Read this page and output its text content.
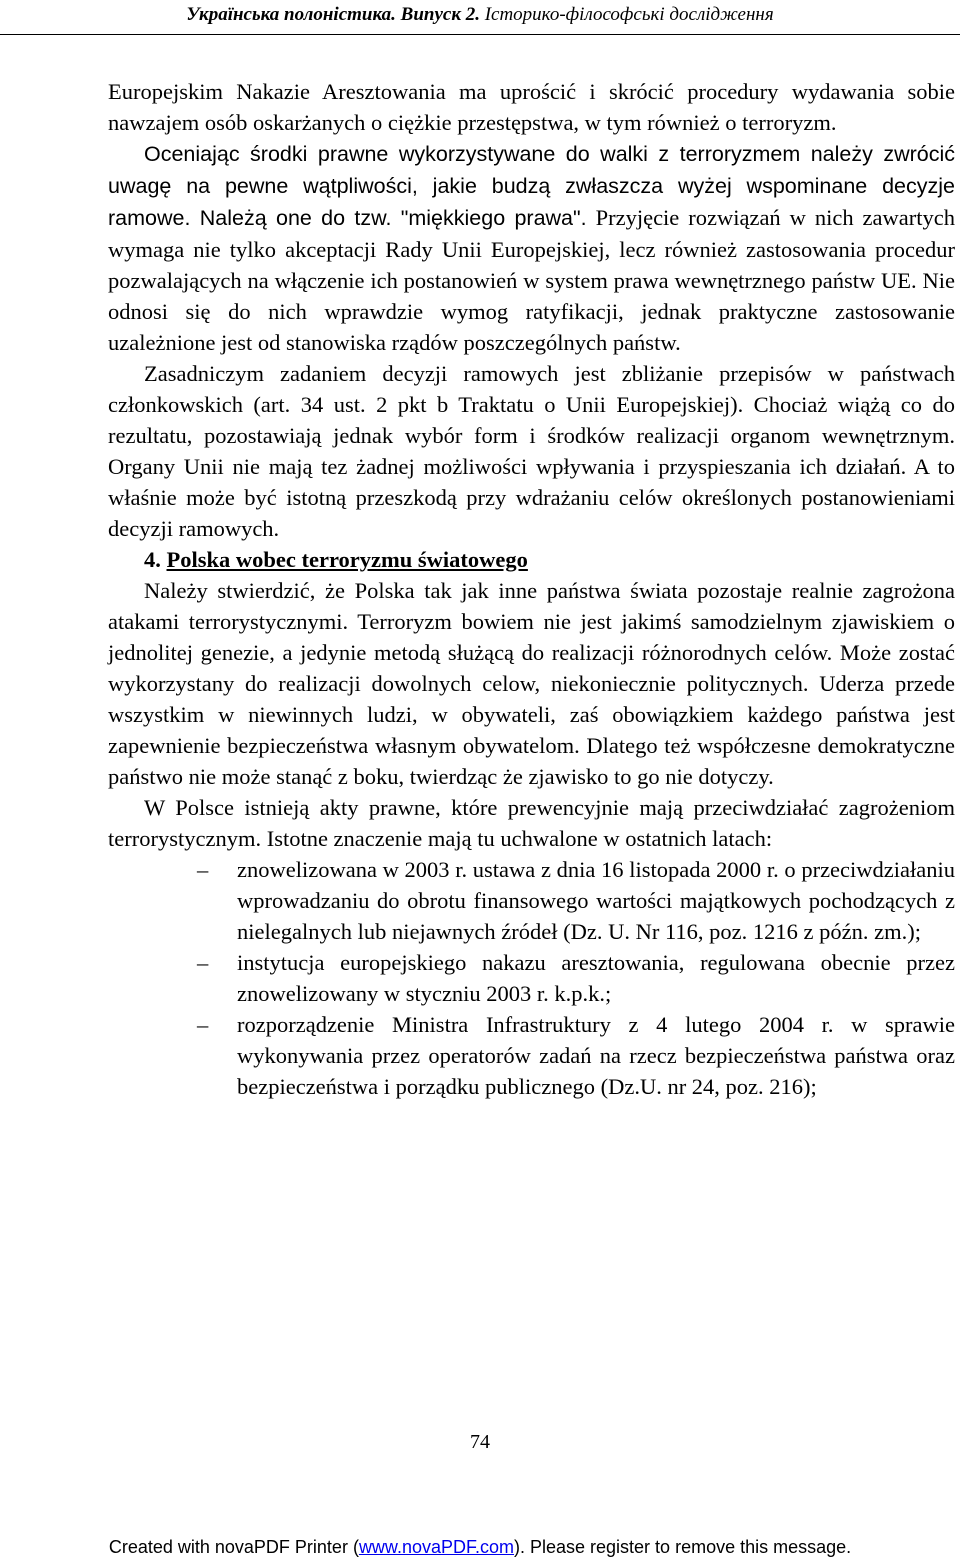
Українська полоністика. Випуск 2. Історико-філософські дослідження

Europejskim Nakazie Aresztowania ma uprościć i skrócić procedury wydawania sobie nawzajem osób oskarżanych o ciężkie przestępstwa, w tym również o terroryzm.

Oceniając środki prawne wykorzystywane do walki z terroryzmem należy zwrócić uwagę na pewne wątpliwości, jakie budzą zwłaszcza wyżej wspominane decyzje ramowe. Należą one do tzw. "miękkiego prawa". Przyjęcie rozwiązań w nich zawartych wymaga nie tylko akceptacji Rady Unii Europejskiej, lecz również zastosowania procedur pozwalających na włączenie ich postanowień w system prawa wewnętrznego państw UE. Nie odnosi się do nich wprawdzie wymog ratyfikacji, jednak praktyczne zastosowanie uzależnione jest od stanowiska rządów poszczególnych państw.

Zasadniczym zadaniem decyzji ramowych jest zbliżanie przepisów w państwach członkowskich (art. 34 ust. 2 pkt b Traktatu o Unii Europejskiej). Chociaż wiążą co do rezultatu, pozostawiają jednak wybór form i środków realizacji organom wewnętrznym. Organy Unii nie mają tez żadnej możliwości wpływania i przyspieszania ich działań. A to właśnie może być istotną przeszkodą przy wdrażaniu celów określonych postanowieniami decyzji ramowych.

4. Polska wobec terroryzmu światowego

Należy stwierdzić, że Polska tak jak inne państwa świata pozostaje realnie zagrożona atakami terrorystycznymi. Terroryzm bowiem nie jest jakimś samodzielnym zjawiskiem o jednolitej genezie, a jedynie metodą służącą do realizacji różnorodnych celów. Może zostać wykorzystany do realizacji dowolnych celow, niekoniecznie politycznych. Uderza przede wszystkim w niewinnych ludzi, w obywateli, zaś obowiązkiem każdego państwa jest zapewnienie bezpieczeństwa własnym obywatelom. Dlatego też współczesne demokratyczne państwo nie może stanąć z boku, twierdząc że zjawisko to go nie dotyczy.

W Polsce istnieją akty prawne, które prewencyjnie mają przeciwdziałać zagrożeniom terrorystycznym. Istotne znaczenie mają tu uchwalone w ostatnich latach:

– znowelizowana w 2003 r. ustawa z dnia 16 listopada 2000 r. o przeciwdziałaniu wprowadzaniu do obrotu finansowego wartości majątkowych pochodzących z nielegalnych lub niejawnych źródeł (Dz. U. Nr 116, poz. 1216 z późn. zm.);
– instytucja europejskiego nakazu aresztowania, regulowana obecnie przez znowelizowany w styczniu 2003 r. k.p.k.;
– rozporządzenie Ministra Infrastruktury z 4 lutego 2004 r. w sprawie wykonywania przez operatorów zadań na rzecz bezpieczeństwa państwa oraz bezpieczeństwa i porządku publicznego (Dz.U. nr 24, poz. 216);
74
Created with novaPDF Printer (www.novaPDF.com). Please register to remove this message.
